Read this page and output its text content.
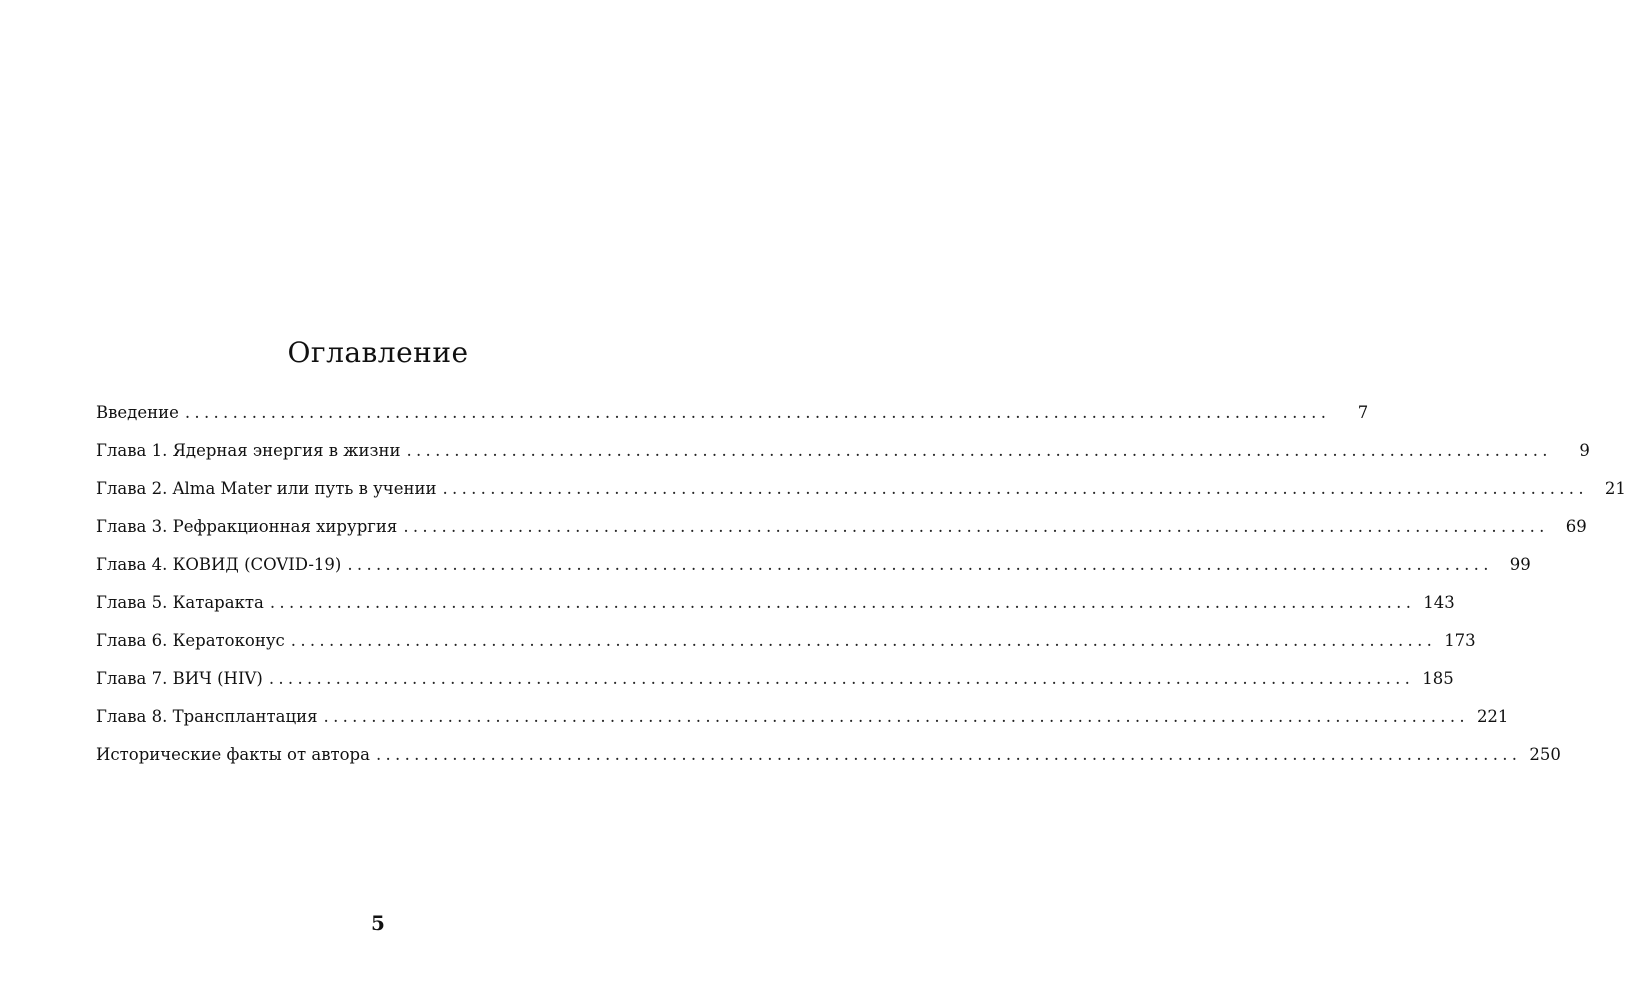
Оглавление
Введение ........................................................................................................................	7
Глава 1. Ядерная энергия в жизни ........................................................................................................................	9
Глава 2. Alma Mater или путь в учении ........................................................................................................................	21
Глава 3. Рефракционная хирургия ........................................................................................................................	69
Глава 4. КОВИД (COVID-19) ........................................................................................................................	99
Глава 5. Катаракта ........................................................................................................................ 143
Глава 6. Кератоконус ........................................................................................................................ 173
Глава 7. ВИЧ (HIV) ........................................................................................................................ 185
Глава 8. Трансплантация ........................................................................................................................ 221
Исторические факты от автора ........................................................................................................................ 250
5
